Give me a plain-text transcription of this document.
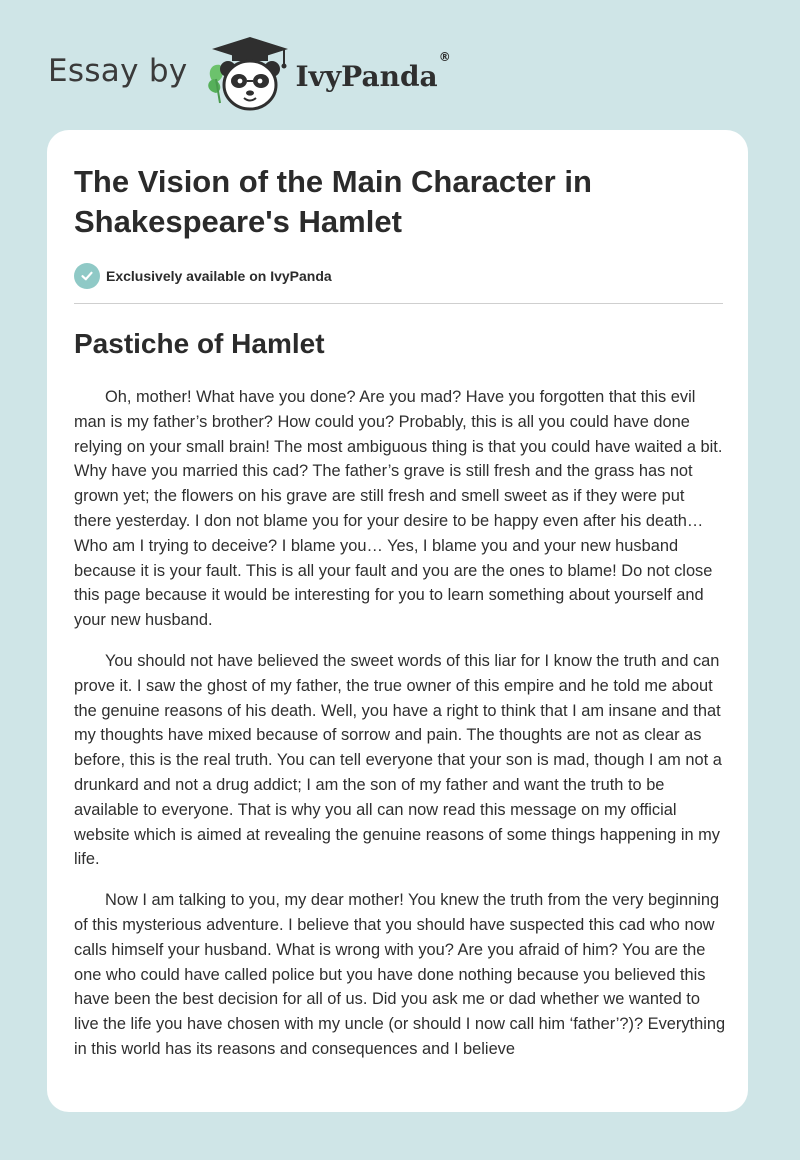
Essay by	IvyPanda®
The Vision of the Main Character in Shakespeare's Hamlet
Exclusively available on IvyPanda
Pastiche of Hamlet

Oh, mother! What have you done? Are you mad? Have you forgotten that this evil man is my father’s brother? How could you? Probably, this is all you could have done relying on your small brain! The most ambiguous thing is that you could have waited a bit. Why have you married this cad? The father’s grave is still fresh and the grass has not grown yet; the flowers on his grave are still fresh and smell sweet as if they were put there yesterday. I don not blame you for your desire to be happy even after his death… Who am I trying to deceive? I blame you… Yes, I blame you and your new husband because it is your fault. This is all your fault and you are the ones to blame! Do not close this page because it would be interesting for you to learn something about yourself and your new husband.

You should not have believed the sweet words of this liar for I know the truth and can prove it. I saw the ghost of my father, the true owner of this empire and he told me about the genuine reasons of his death. Well, you have a right to think that I am insane and that my thoughts have mixed because of sorrow and pain. The thoughts are not as clear as before, this is the real truth. You can tell everyone that your son is mad, though I am not a drunkard and not a drug addict; I am the son of my father and want the truth to be available to everyone. That is why you all can now read this message on my official website which is aimed at revealing the genuine reasons of some things happening in my life.

Now I am talking to you, my dear mother! You knew the truth from the very beginning of this mysterious adventure. I believe that you should have suspected this cad who now calls himself your husband. What is wrong with you? Are you afraid of him? You are the one who could have called police but you have done nothing because you believed this have been the best decision for all of us. Did you ask me or dad whether we wanted to live the life you have chosen with my uncle (or should I now call him ‘father’?)? Everything in this world has its reasons and consequences and I believe
